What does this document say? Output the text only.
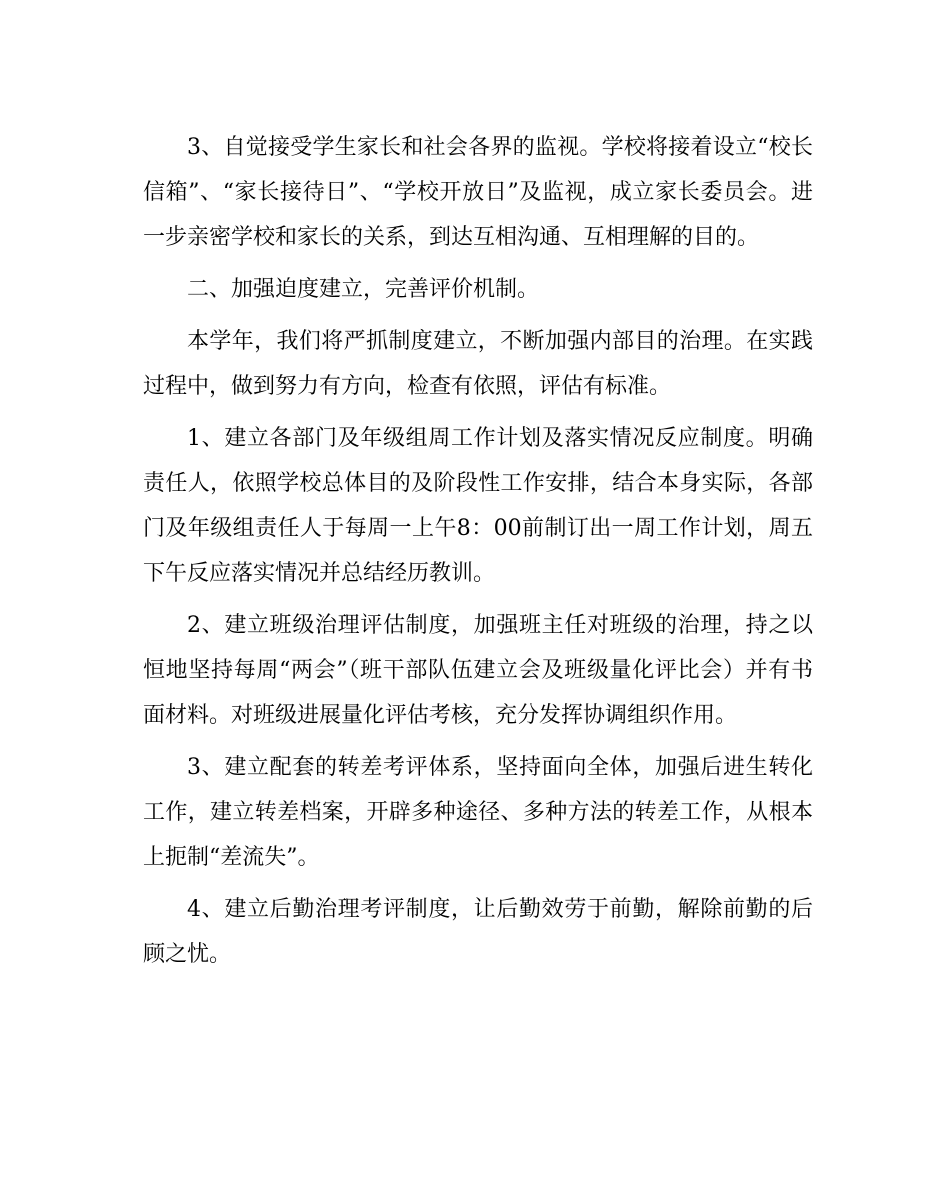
3、自觉接受学生家长和社会各界的监视。学校将接着设立“校长信箱”、“家长接待日”、“学校开放日”及监视，成立家长委员会。进一步亲密学校和家长的关系，到达互相沟通、互相理解的目的。

二、加强迫度建立，完善评价机制。

本学年，我们将严抓制度建立，不断加强内部目的治理。在实践过程中，做到努力有方向，检查有依照，评估有标准。

1、建立各部门及年级组周工作计划及落实情况反应制度。明确责任人，依照学校总体目的及阶段性工作安排，结合本身实际，各部门及年级组责任人于每周一上午8：00前制订出一周工作计划，周五下午反应落实情况并总结经历教训。

2、建立班级治理评估制度，加强班主任对班级的治理，持之以恒地坚持每周“两会”（班干部队伍建立会及班级量化评比会）并有书面材料。对班级进展量化评估考核，充分发挥协调组织作用。

3、建立配套的转差考评体系，坚持面向全体，加强后进生转化工作，建立转差档案，开辟多种途径、多种方法的转差工作，从根本上扼制“差流失”。

4、建立后勤治理考评制度，让后勤效劳于前勤，解除前勤的后顾之忧。
